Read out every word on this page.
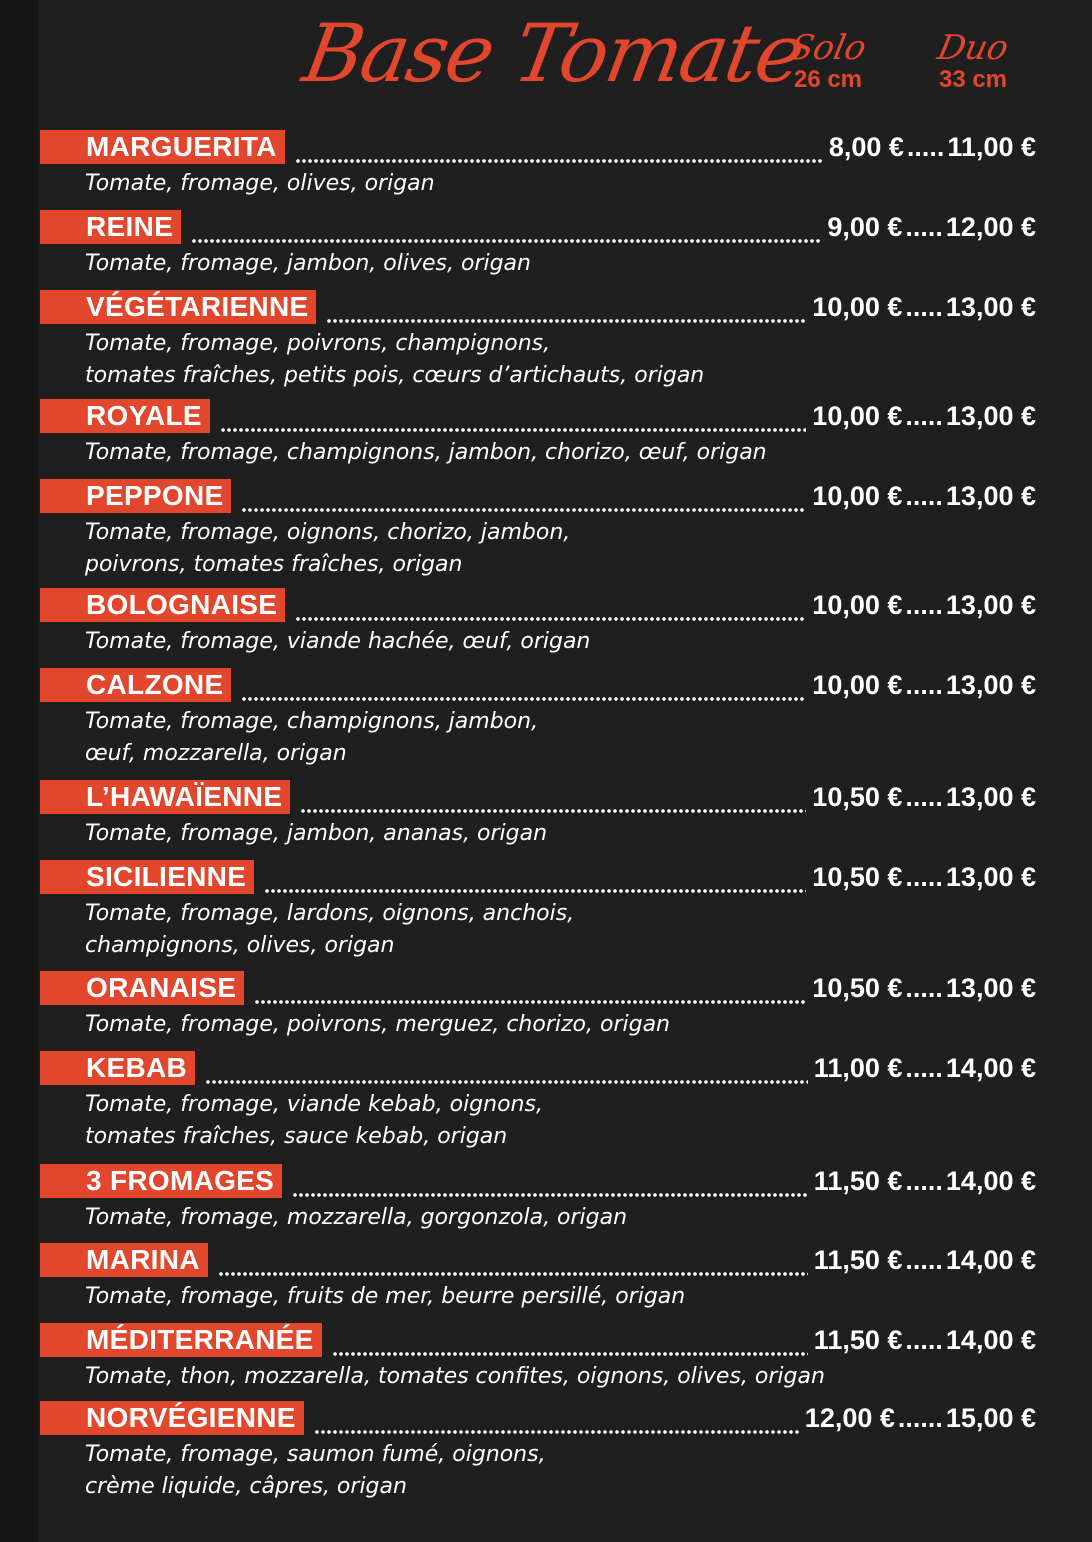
Base Tomate
Solo
26 cm
Duo
33 cm
MARGUERITA	8,00 € ..... 11,00 €
Tomate, fromage, olives, origan
REINE	9,00 € ..... 12,00 €
Tomate, fromage, jambon, olives, origan
VÉGÉTARIENNE	10,00 € ..... 13,00 €
Tomate, fromage, poivrons, champignons,
tomates fraîches, petits pois, cœurs d’artichauts, origan
ROYALE	10,00 € ..... 13,00 €
Tomate, fromage, champignons, jambon, chorizo, œuf, origan
PEPPONE	10,00 € ..... 13,00 €
Tomate, fromage, oignons, chorizo, jambon,
poivrons, tomates fraîches, origan
BOLOGNAISE	10,00 € ..... 13,00 €
Tomate, fromage, viande hachée, œuf, origan
CALZONE	10,00 € ..... 13,00 €
Tomate, fromage, champignons, jambon,
œuf, mozzarella, origan
L’HAWAÏENNE	10,50 € ..... 13,00 €
Tomate, fromage, jambon, ananas, origan
SICILIENNE	10,50 € ..... 13,00 €
Tomate, fromage, lardons, oignons, anchois,
champignons, olives, origan
ORANAISE	10,50 € ..... 13,00 €
Tomate, fromage, poivrons, merguez, chorizo, origan
KEBAB	11,00 € ..... 14,00 €
Tomate, fromage, viande kebab, oignons,
tomates fraîches, sauce kebab, origan
3 FROMAGES	11,50 € ..... 14,00 €
Tomate, fromage, mozzarella, gorgonzola, origan
MARINA	11,50 € ..... 14,00 €
Tomate, fromage, fruits de mer, beurre persillé, origan
MÉDITERRANÉE	11,50 € ..... 14,00 €
Tomate, thon, mozzarella, tomates confites, oignons, olives, origan
NORVÉGIENNE	12,00 € ...... 15,00 €
Tomate, fromage, saumon fumé, oignons,
crème liquide, câpres, origan
